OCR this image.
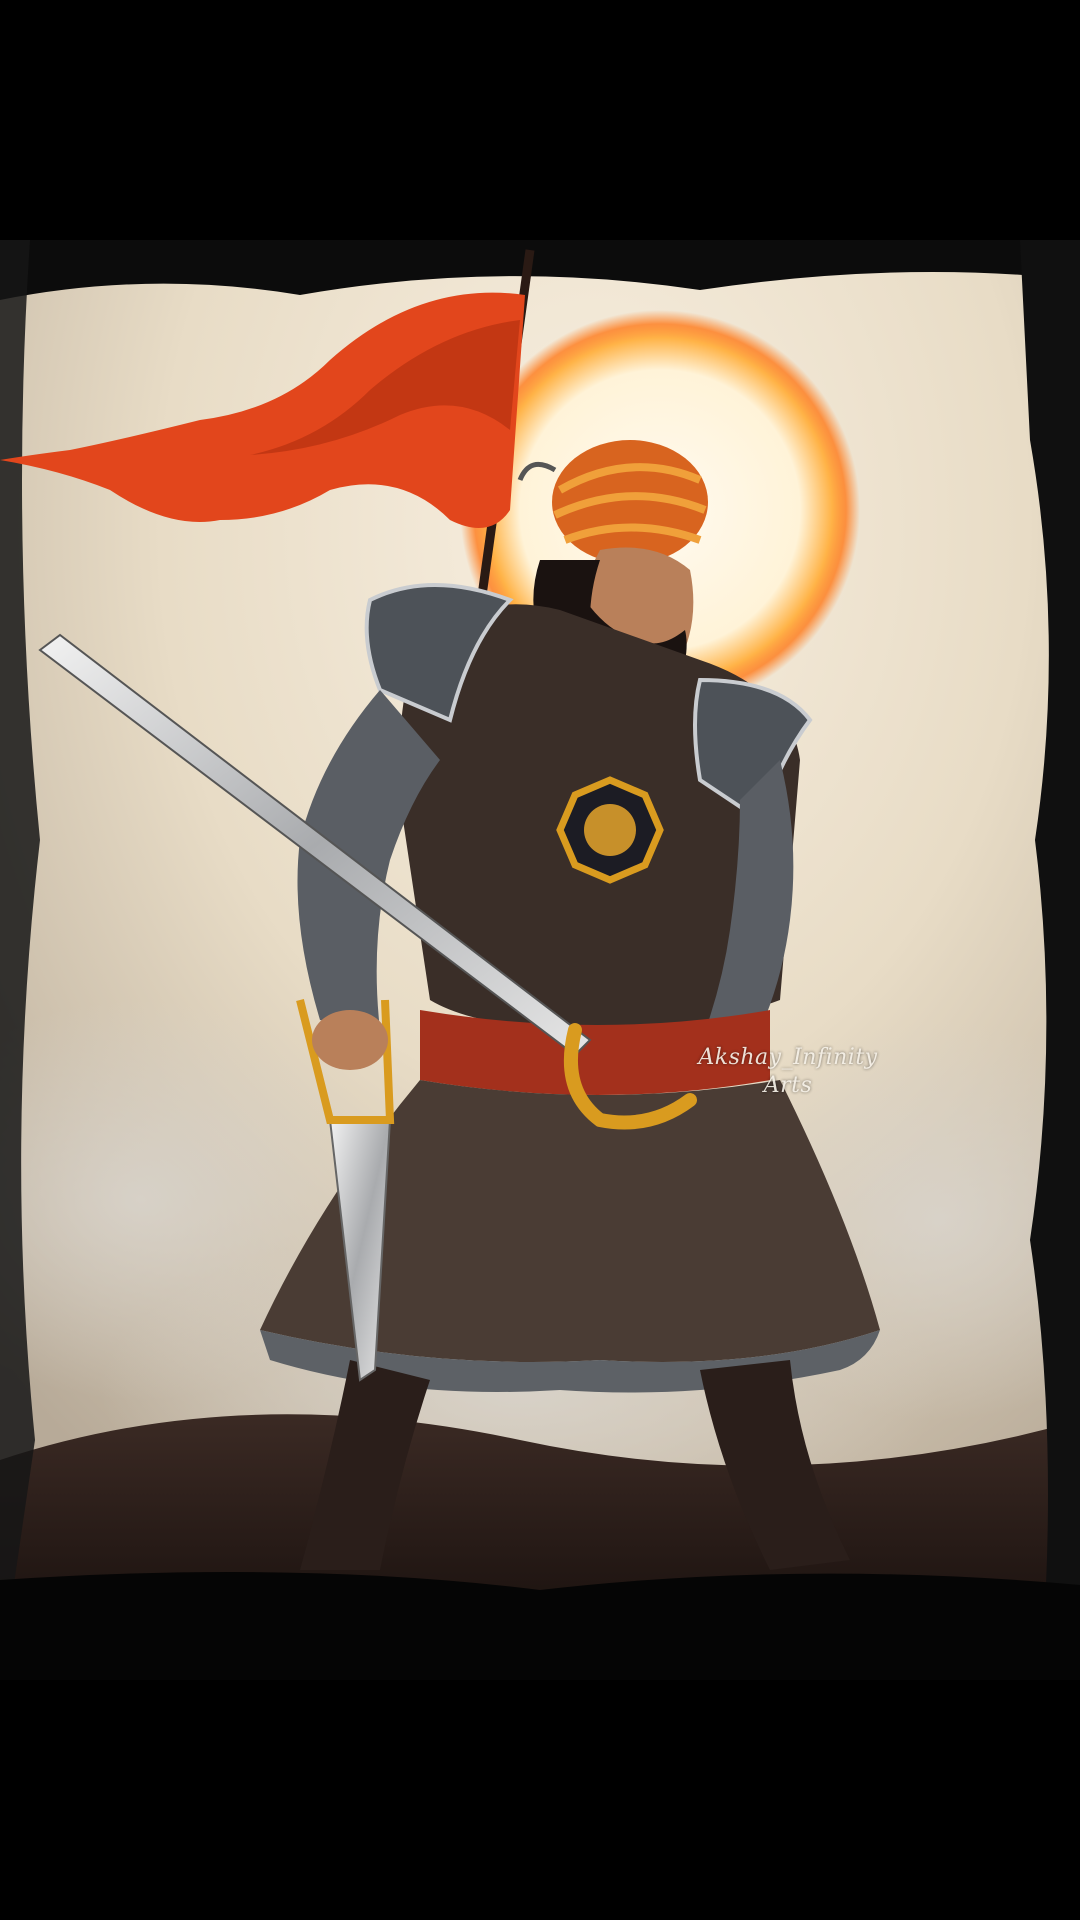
Akshay_Infinity
Arts
